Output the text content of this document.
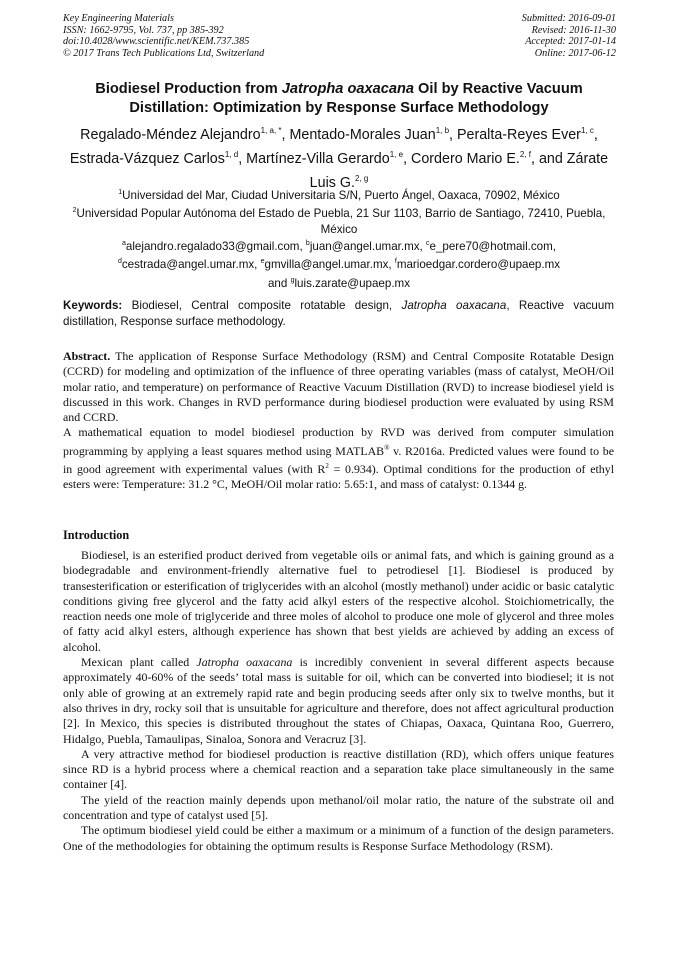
Key Engineering Materials
ISSN: 1662-9795, Vol. 737, pp 385-392
doi:10.4028/www.scientific.net/KEM.737.385
© 2017 Trans Tech Publications Ltd, Switzerland
Submitted: 2016-09-01
Revised: 2016-11-30
Accepted: 2017-01-14
Online: 2017-06-12
Biodiesel Production from Jatropha oaxacana Oil by Reactive Vacuum Distillation: Optimization by Response Surface Methodology
Regalado-Méndez Alejandro$^{1, a, *}$, Mentado-Morales Juan$^{1, b}$, Peralta-Reyes Ever$^{1, c}$, Estrada-Vázquez Carlos$^{1, d}$, Martínez-Villa Gerardo$^{1, e}$, Cordero Mario E.$^{2, f}$, and Zárate Luis G.$^{2, g}$
$^1$Universidad del Mar, Ciudad Universitaria S/N, Puerto Ángel, Oaxaca, 70902, México
$^2$Universidad Popular Autónoma del Estado de Puebla, 21 Sur 1103, Barrio de Santiago, 72410, Puebla, México
$^a$alejandro.regalado33@gmail.com, $^b$juan@angel.umar.mx, $^c$e_pere70@hotmail.com,
$^d$cestrada@angel.umar.mx, $^e$gmvilla@angel.umar.mx, $^f$marioedgar.cordero@upaep.mx
and $^g$luis.zarate@upaep.mx
Keywords: Biodiesel, Central composite rotatable design, Jatropha oaxacana, Reactive vacuum distillation, Response surface methodology.

Abstract. The application of Response Surface Methodology (RSM) and Central Composite Rotatable Design (CCRD) for modeling and optimization of the influence of three operating variables (mass of catalyst, MeOH/Oil molar ratio, and temperature) on performance of Reactive Vacuum Distillation (RVD) to increase biodiesel yield is discussed in this work. Changes in RVD performance during biodiesel production were evaluated by using RSM and CCRD.

A mathematical equation to model biodiesel production by RVD was derived from computer simulation programming by applying a least squares method using MATLAB® v. R2016a. Predicted values were found to be in good agreement with experimental values (with $R^2 = 0.934$). Optimal conditions for the production of ethyl esters were: Temperature: 31.2 °C, MeOH/Oil molar ratio: 5.65:1, and mass of catalyst: 0.1344 g.

Introduction

Biodiesel, is an esterified product derived from vegetable oils or animal fats, and which is gaining ground as a biodegradable and environment-friendly alternative fuel to petrodiesel [1]. Biodiesel is produced by transesterification or esterification of triglycerides with an alcohol (mostly methanol) under acidic or basic catalytic conditions giving free glycerol and the fatty acid alkyl esters of the respective alcohol. Stoichiometrically, the reaction needs one mole of triglyceride and three moles of alcohol to produce one mole of glycerol and three moles of fatty acid alkyl esters, although experience has shown that best yields are achieved by adding an excess of alcohol.

Mexican plant called Jatropha oaxacana is incredibly convenient in several different aspects because approximately 40-60% of the seeds’ total mass is suitable for oil, which can be converted into biodiesel; it is not only able of growing at an extremely rapid rate and begin producing seeds after only six to twelve months, but it also thrives in dry, rocky soil that is unsuitable for agriculture and therefore, does not affect agricultural production [2]. In Mexico, this species is distributed throughout the states of Chiapas, Oaxaca, Quintana Roo, Guerrero, Hidalgo, Puebla, Tamaulipas, Sinaloa, Sonora and Veracruz [3].

A very attractive method for biodiesel production is reactive distillation (RD), which offers unique features since RD is a hybrid process where a chemical reaction and a separation take place simultaneously in the same container [4].

The yield of the reaction mainly depends upon methanol/oil molar ratio, the nature of the substrate oil and concentration and type of catalyst used [5].

The optimum biodiesel yield could be either a maximum or a minimum of a function of the design parameters. One of the methodologies for obtaining the optimum results is Response Surface Methodology (RSM).
